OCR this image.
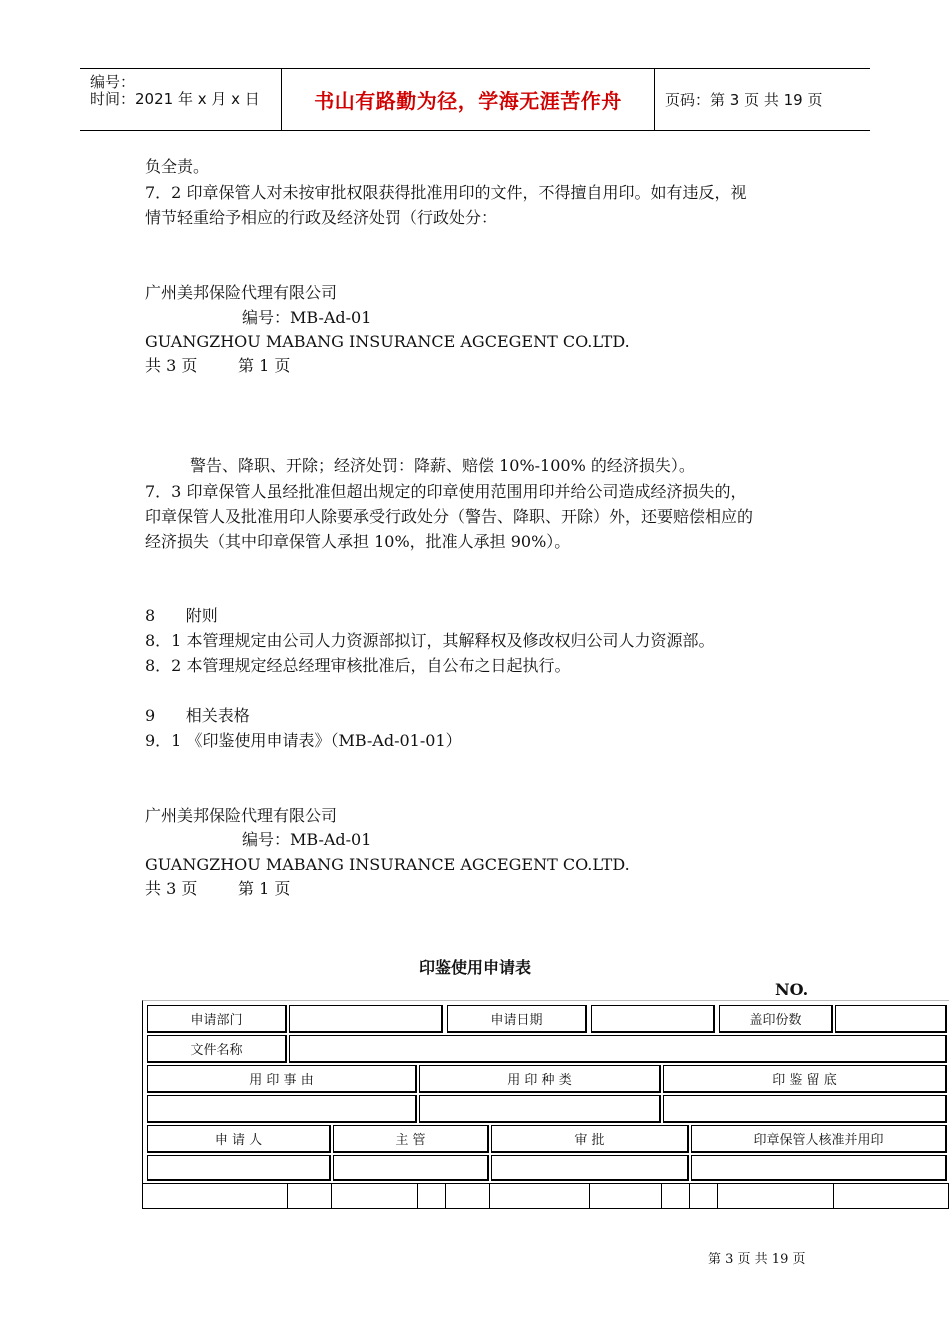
编号：
时间：2021 年 x 月 x 日	书山有路勤为径，学海无涯苦作舟	页码：第 3 页 共 19 页
负全责。
7．2 印章保管人对未按审批权限获得批准用印的文件，不得擅自用印。如有违反，视
情节轻重给予相应的行政及经济处罚（行政处分：
广州美邦保险代理有限公司
编号：MB-Ad-01
GUANGZHOU MABANG INSURANCE AGCEGENT CO.LTD.
共 3 页        第 1 页
警告、降职、开除；经济处罚：降薪、赔偿 10%-100% 的经济损失）。
7．3 印章保管人虽经批准但超出规定的印章使用范围用印并给公司造成经济损失的，
印章保管人及批准用印人除要承受行政处分（警告、降职、开除）外，还要赔偿相应的
经济损失（其中印章保管人承担 10%，批准人承担 90%）。
8      附则
8．1 本管理规定由公司人力资源部拟订，其解释权及修改权归公司人力资源部。
8．2 本管理规定经总经理审核批准后，自公布之日起执行。
9      相关表格
9．1 《印鉴使用申请表》（MB-Ad-01-01）
广州美邦保险代理有限公司
编号：MB-Ad-01
GUANGZHOU MABANG INSURANCE AGCEGENT CO.LTD.
共 3 页        第 1 页
印鉴使用申请表
NO.
申请部门	申请日期	盖印份数
文件名称
用 印 事 由	用 印 种 类	印 鉴 留 底
申 请 人	主 管	审 批	印章保管人核准并用印
第 3 页 共 19 页
